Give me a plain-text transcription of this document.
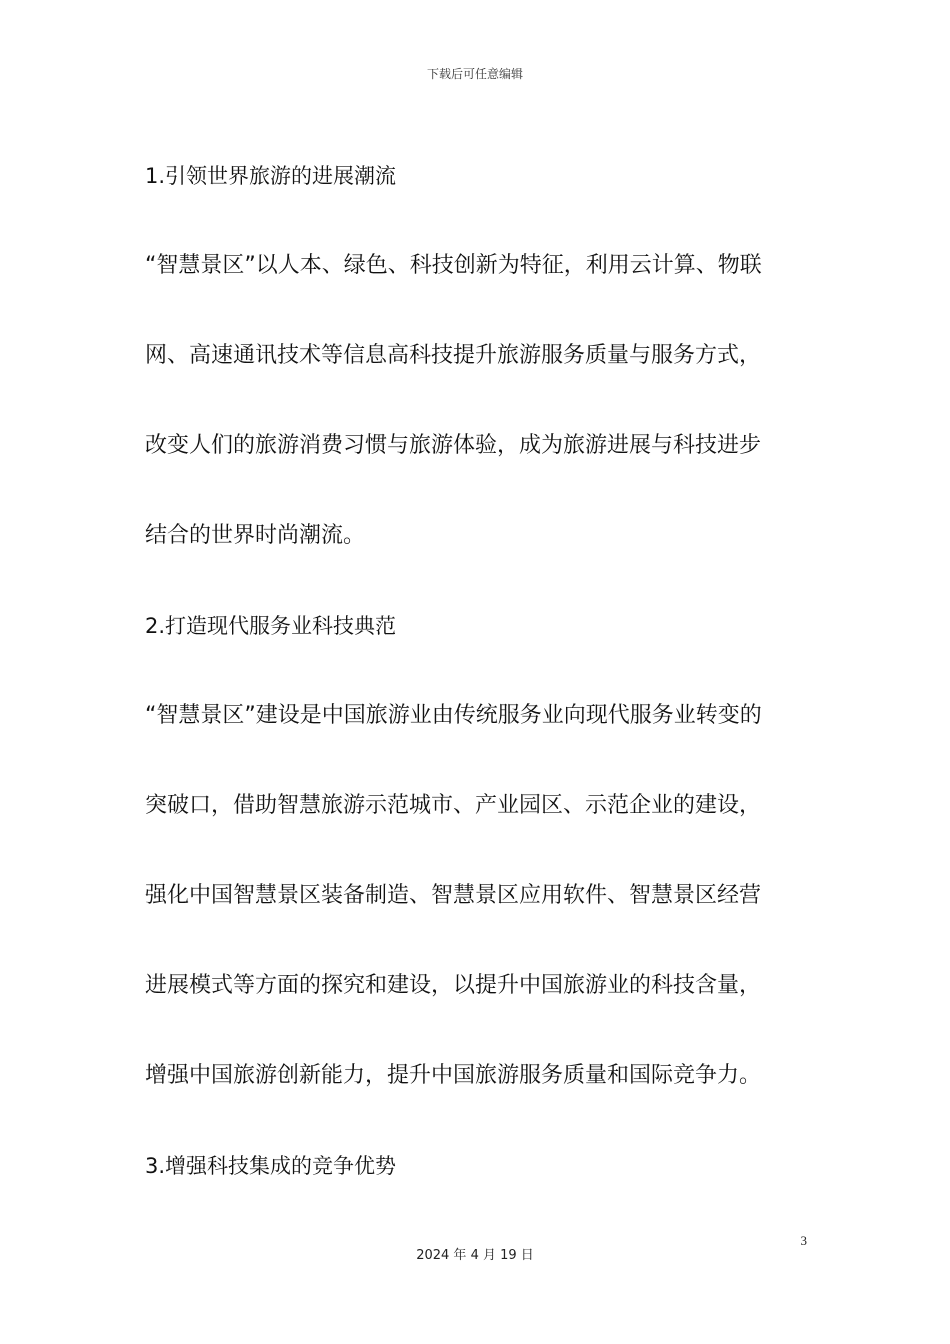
下载后可任意编辑
1.引领世界旅游的进展潮流
“智慧景区”以人本、绿色、科技创新为特征，利用云计算、物联
网、高速通讯技术等信息高科技提升旅游服务质量与服务方式，
改变人们的旅游消费习惯与旅游体验，成为旅游进展与科技进步
结合的世界时尚潮流。
2.打造现代服务业科技典范
“智慧景区”建设是中国旅游业由传统服务业向现代服务业转变的
突破口，借助智慧旅游示范城市、产业园区、示范企业的建设，
强化中国智慧景区装备制造、智慧景区应用软件、智慧景区经营
进展模式等方面的探究和建设，以提升中国旅游业的科技含量，
增强中国旅游创新能力，提升中国旅游服务质量和国际竞争力。
3.增强科技集成的竞争优势
3
2024 年 4 月 19 日
